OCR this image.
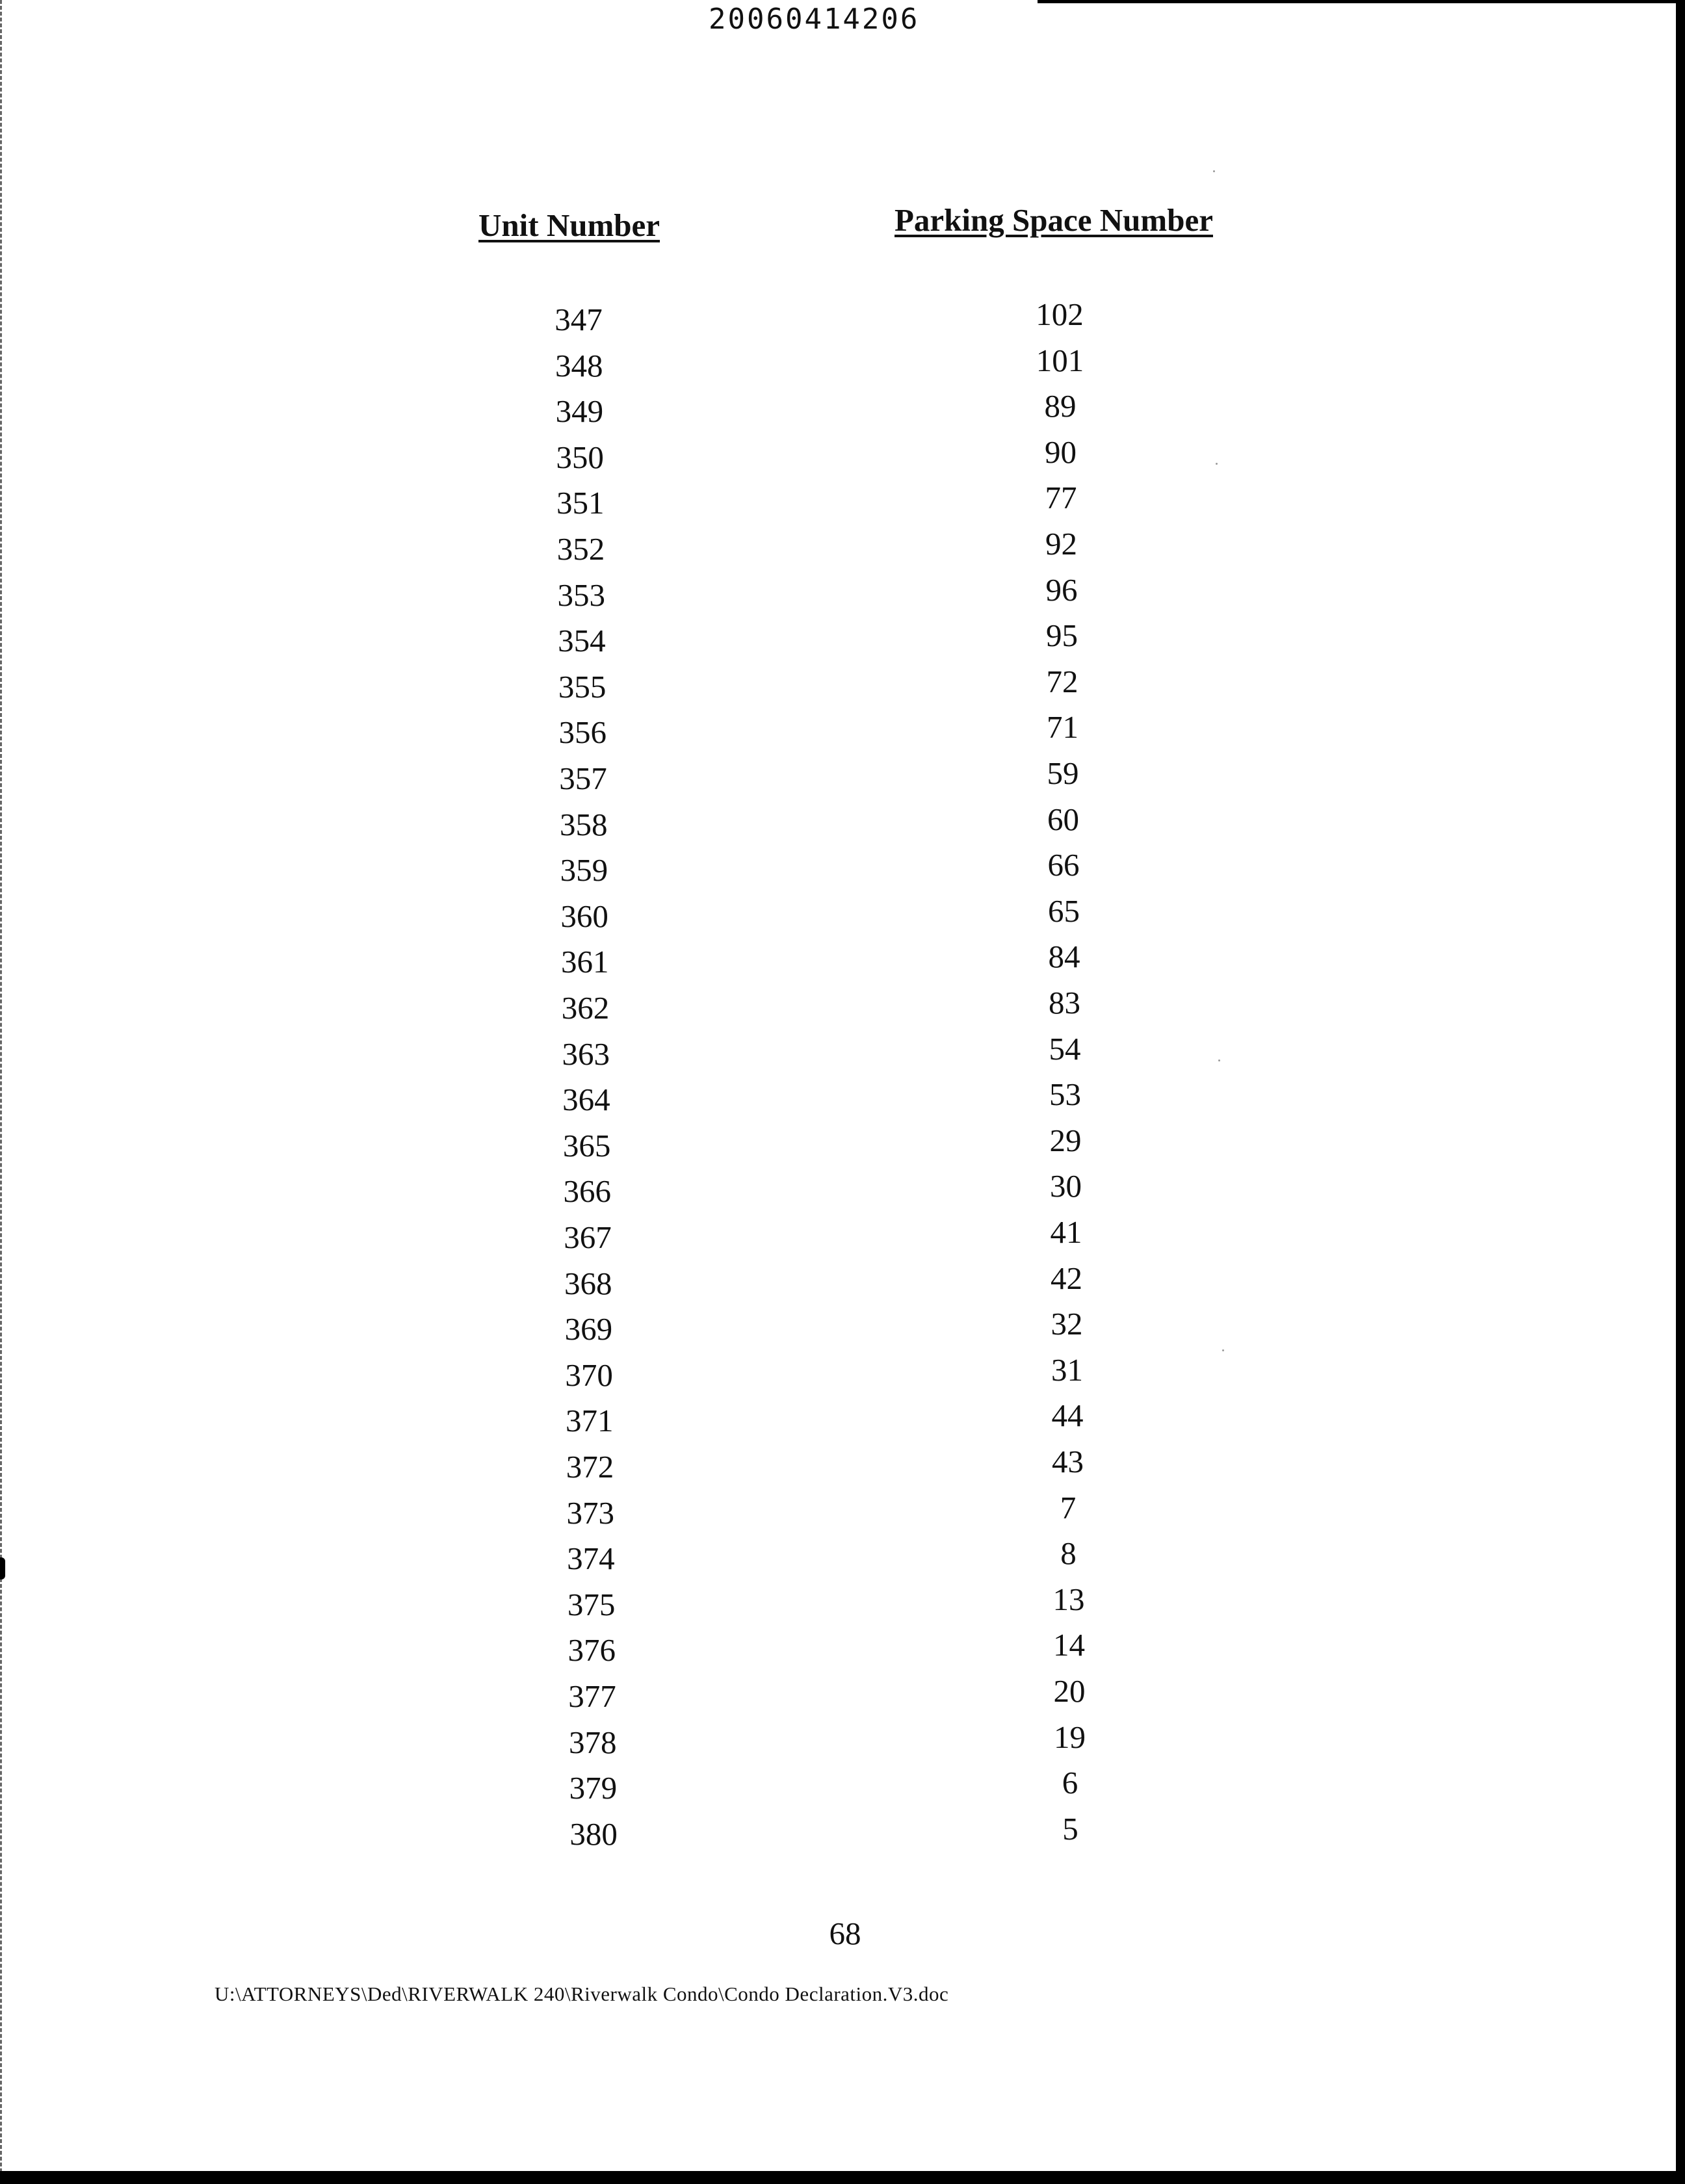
20060414206
Unit Number	Parking Space Number
347	102
348	101
349	89
350	90
351	77
352	92
353	96
354	95
355	72
356	71
357	59
358	60
359	66
360	65
361	84
362	83
363	54
364	53
365	29
366	30
367	41
368	42
369	32
370	31
371	44
372	43
373	7
374	8
375	13
376	14
377	20
378	19
379	6
380	5
68
U:\ATTORNEYS\Ded\RIVERWALK 240\Riverwalk Condo\Condo Declaration.V3.doc
